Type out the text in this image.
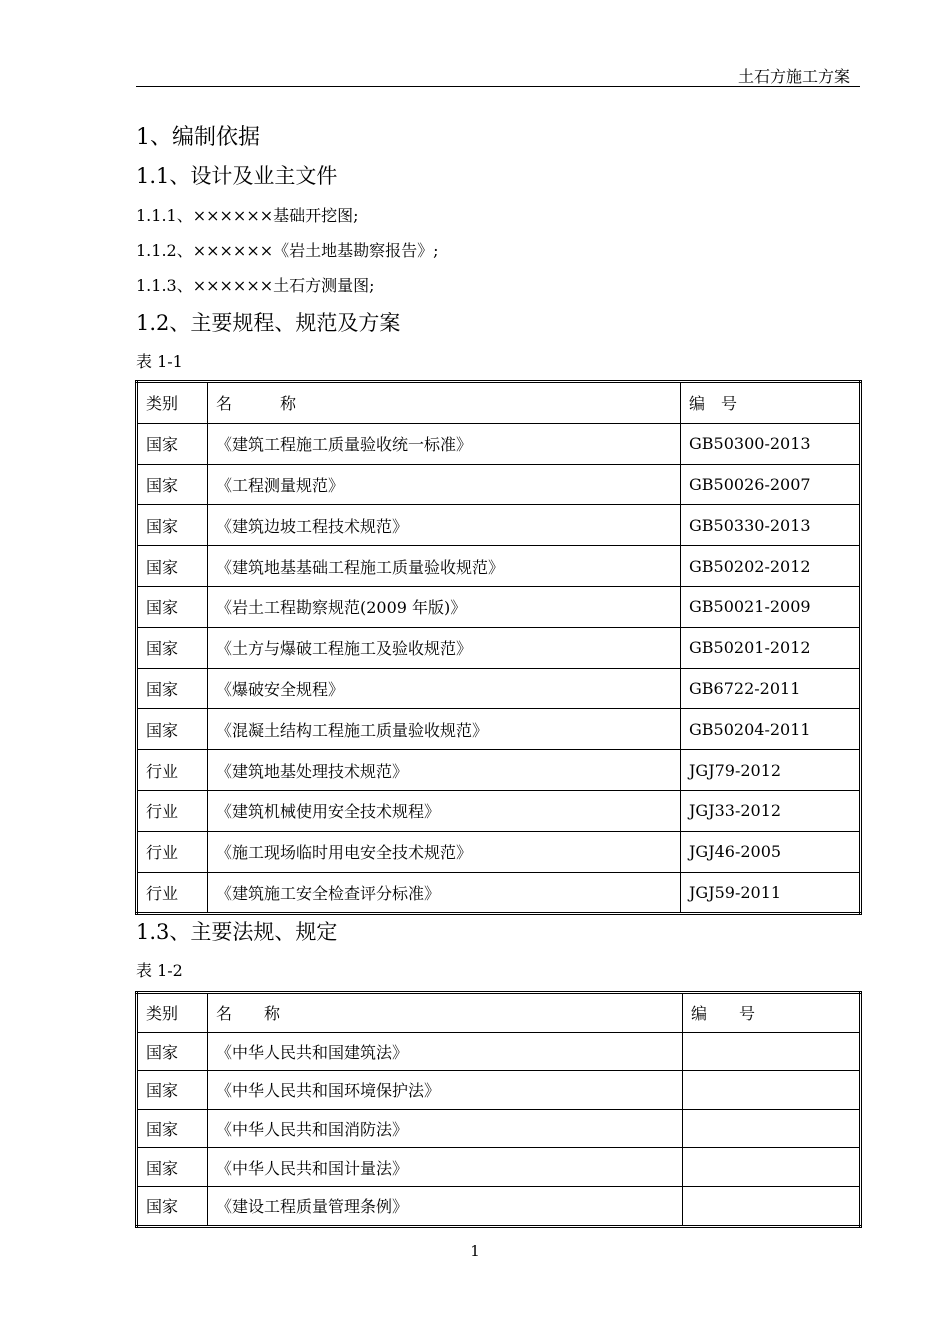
土石方施工方案
1、编制依据
1.1、设计及业主文件
1.1.1、××××××基础开挖图;
1.1.2、××××××《岩土地基勘察报告》;
1.1.3、××××××土石方测量图;
1.2、主要规程、规范及方案
表 1-1
类别	名　　　称	编　号
国家	《建筑工程施工质量验收统一标准》	GB50300-2013
国家	《工程测量规范》	GB50026-2007
国家	《建筑边坡工程技术规范》	GB50330-2013
国家	《建筑地基基础工程施工质量验收规范》	GB50202-2012
国家	《岩土工程勘察规范(2009 年版)》	GB50021-2009
国家	《土方与爆破工程施工及验收规范》	GB50201-2012
国家	《爆破安全规程》	GB6722-2011
国家	《混凝土结构工程施工质量验收规范》	GB50204-2011
行业	《建筑地基处理技术规范》	JGJ79-2012
行业	《建筑机械使用安全技术规程》	JGJ33-2012
行业	《施工现场临时用电安全技术规范》	JGJ46-2005
行业	《建筑施工安全检查评分标准》	JGJ59-2011
1.3、主要法规、规定
表 1-2
类别	名　　称	编　　号
国家	《中华人民共和国建筑法》	
国家	《中华人民共和国环境保护法》	
国家	《中华人民共和国消防法》	
国家	《中华人民共和国计量法》	
国家	《建设工程质量管理条例》	
1
